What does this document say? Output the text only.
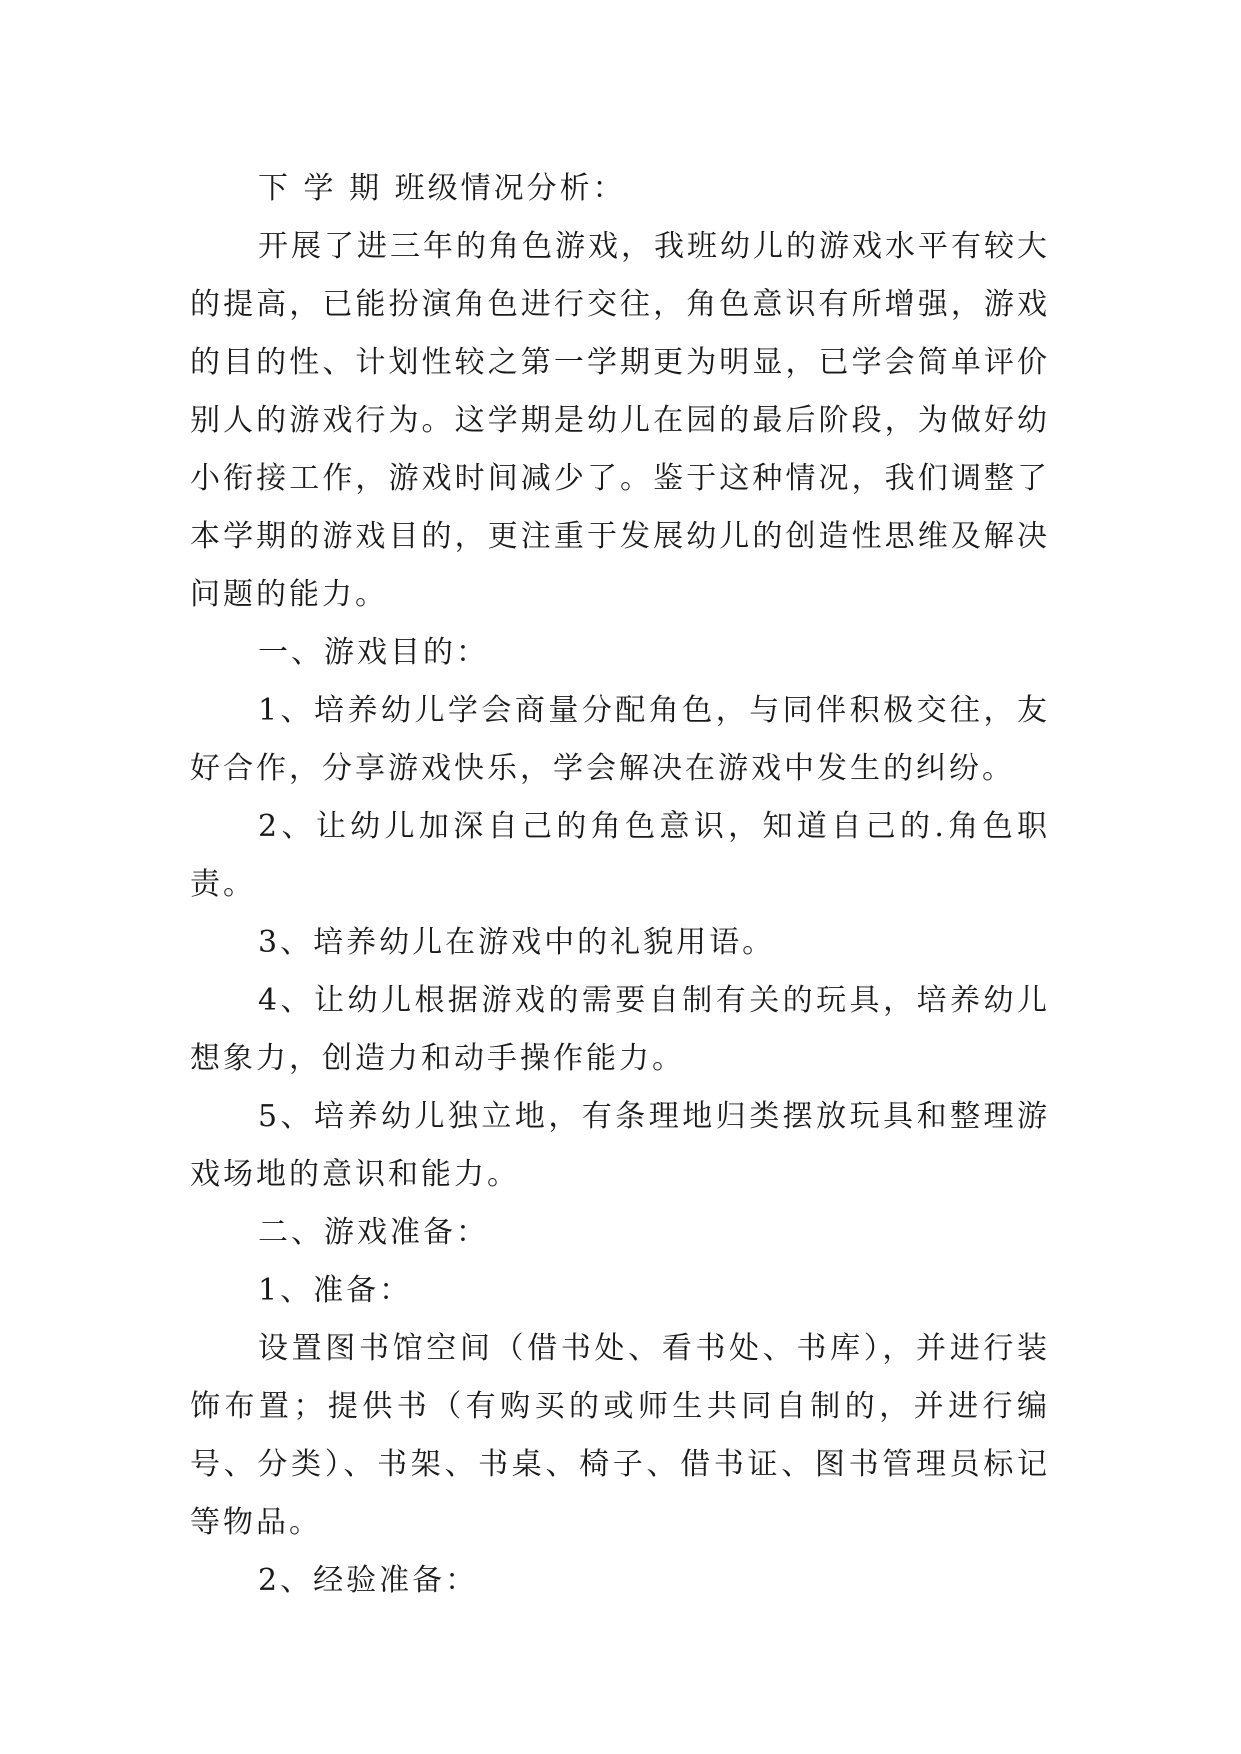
下 学 期 班级情况分析：

开展了进三年的角色游戏，我班幼儿的游戏水平有较大的提高，已能扮演角色进行交往，角色意识有所增强，游戏的目的性、计划性较之第一学期更为明显，已学会简单评价别人的游戏行为。这学期是幼儿在园的最后阶段，为做好幼小衔接工作，游戏时间减少了。鉴于这种情况，我们调整了本学期的游戏目的，更注重于发展幼儿的创造性思维及解决问题的能力。

一、游戏目的：

1、培养幼儿学会商量分配角色，与同伴积极交往，友好合作，分享游戏快乐，学会解决在游戏中发生的纠纷。

2、让幼儿加深自己的角色意识，知道自己的.角色职责。

3、培养幼儿在游戏中的礼貌用语。

4、让幼儿根据游戏的需要自制有关的玩具，培养幼儿想象力，创造力和动手操作能力。

5、培养幼儿独立地，有条理地归类摆放玩具和整理游戏场地的意识和能力。

二、游戏准备：

1、准备：

设置图书馆空间（借书处、看书处、书库），并进行装饰布置；提供书（有购买的或师生共同自制的，并进行编号、分类）、书架、书桌、椅子、借书证、图书管理员标记等物品。

2、经验准备：
